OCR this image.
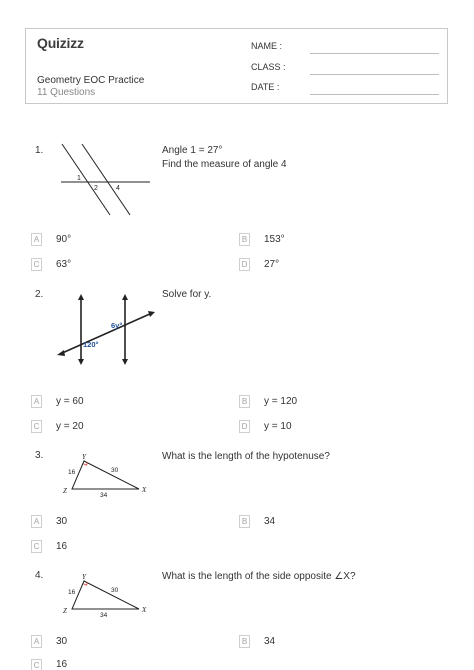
Quizizz
Geometry EOC Practice
11 Questions
NAME :
CLASS :
DATE :
1.
1
2	4
Angle 1 = 27°
Find the measure of angle 4
A 90°	B 153°
C 63°	D 27°
2.
6y°
120°
Solve for y.
A y = 60	B y = 120
C y = 20	D y = 10
3.	Y
16	30
Z
34
X
What is the length of the hypotenuse?
A 30	B 34
C 16
4.	Y
16	30
Z
34
X
What is the length of the side opposite ∠X?
A 30	B 34
C 16
